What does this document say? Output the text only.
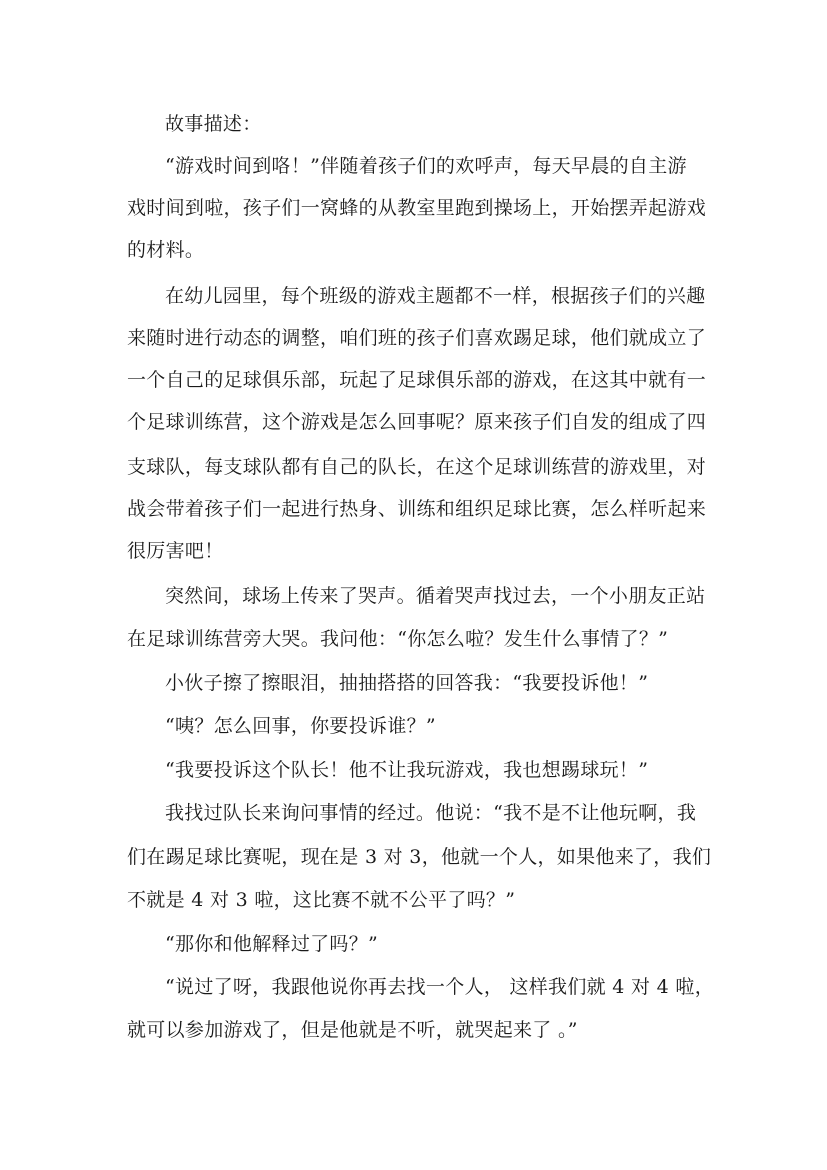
故事描述：
“游戏时间到咯！”伴随着孩子们的欢呼声，每天早晨的自主游
戏时间到啦，孩子们一窝蜂的从教室里跑到操场上，开始摆弄起游戏
的材料。
在幼儿园里，每个班级的游戏主题都不一样，根据孩子们的兴趣
来随时进行动态的调整，咱们班的孩子们喜欢踢足球，他们就成立了
一个自己的足球俱乐部，玩起了足球俱乐部的游戏，在这其中就有一
个足球训练营，这个游戏是怎么回事呢？原来孩子们自发的组成了四
支球队，每支球队都有自己的队长，在这个足球训练营的游戏里，对
战会带着孩子们一起进行热身、训练和组织足球比赛，怎么样听起来
很厉害吧！
突然间，球场上传来了哭声。循着哭声找过去，一个小朋友正站
在足球训练营旁大哭。我问他：“你怎么啦？发生什么事情了？”
小伙子擦了擦眼泪，抽抽搭搭的回答我：“我要投诉他！”
“咦？怎么回事，你要投诉谁？”
“我要投诉这个队长！他不让我玩游戏，我也想踢球玩！”
我找过队长来询问事情的经过。他说：“我不是不让他玩啊，我
们在踢足球比赛呢，现在是 3 对 3，他就一个人，如果他来了，我们
不就是 4 对 3 啦，这比赛不就不公平了吗？”
“那你和他解释过了吗？”
“说过了呀，我跟他说你再去找一个人， 这样我们就 4 对 4 啦，
就可以参加游戏了，但是他就是不听，就哭起来了 。”
